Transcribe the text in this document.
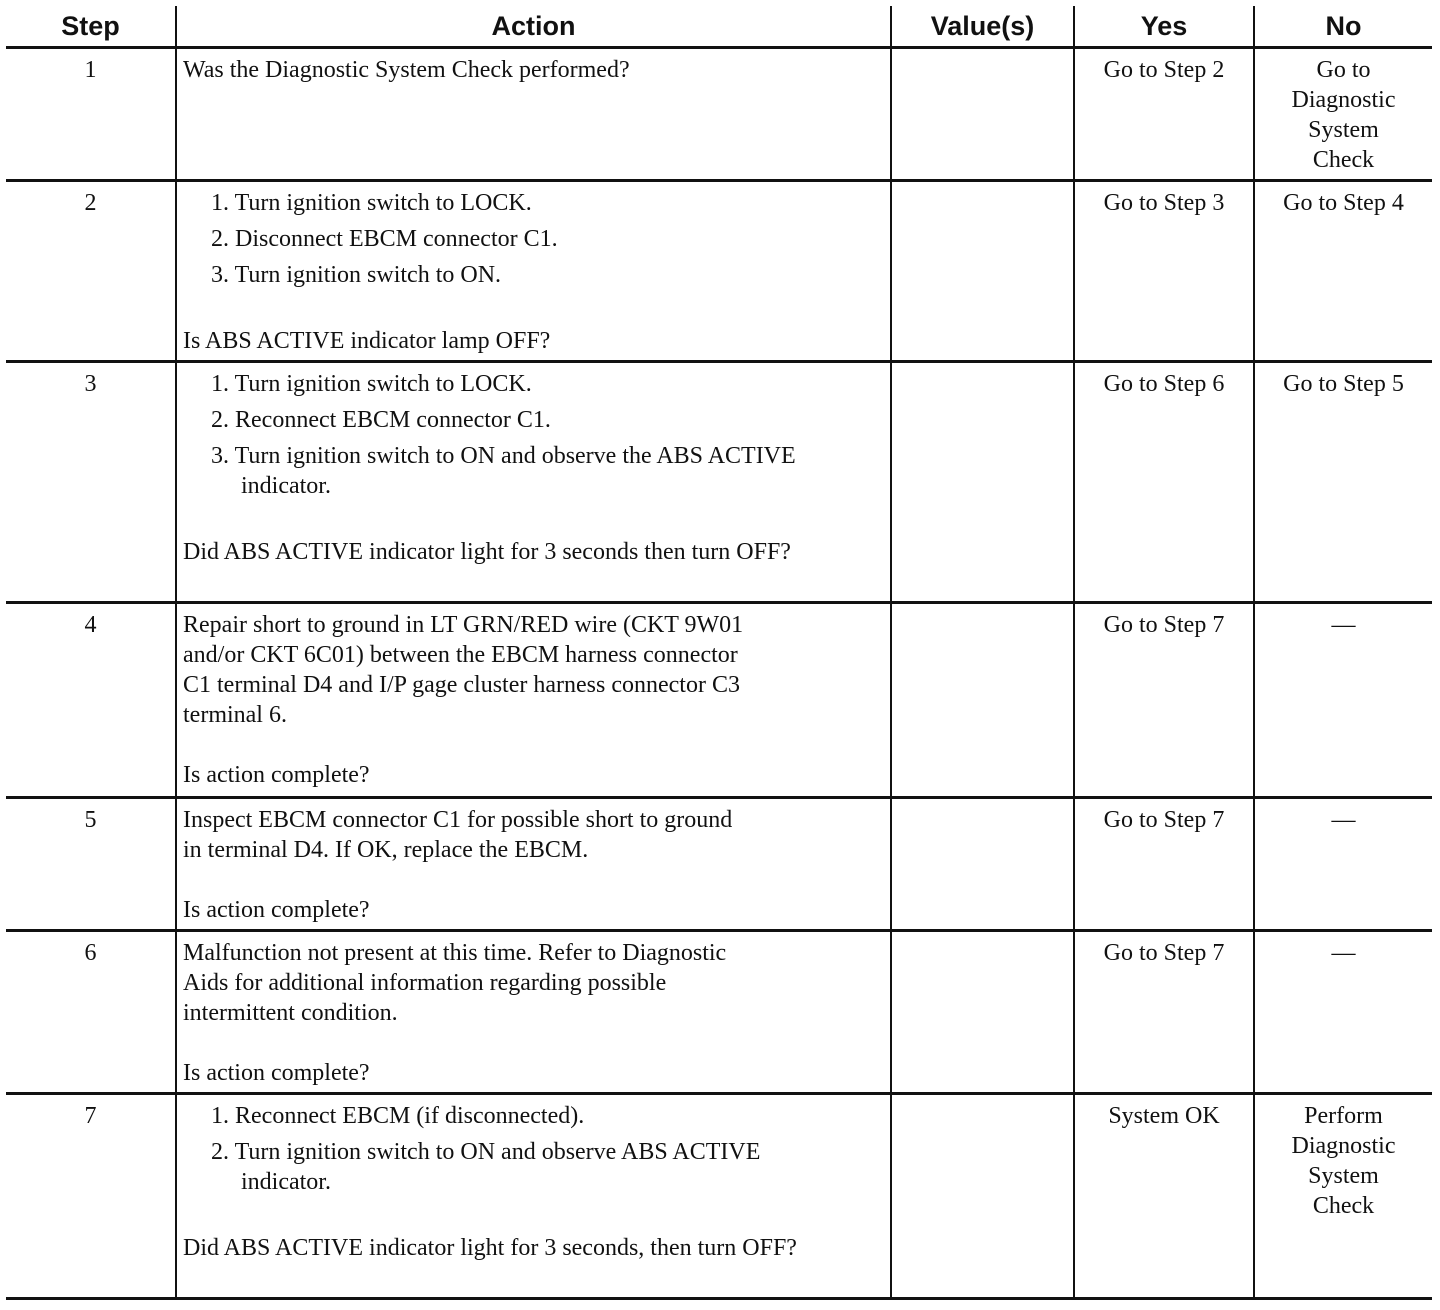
Step	Action	Value(s)	Yes	No
1	Was the Diagnostic System Check performed?		Go to Step 2	Go to
Diagnostic
System
Check

2	1. Turn ignition switch to LOCK.
2. Disconnect EBCM connector C1.
3. Turn ignition switch to ON.
Is ABS ACTIVE indicator lamp OFF?		Go to Step 3	Go to Step 4
3	1. Turn ignition switch to LOCK.
2. Reconnect EBCM connector C1.
3. Turn ignition switch to ON and observe the ABS ACTIVE indicator.
Did ABS ACTIVE indicator light for 3 seconds then turn OFF?		Go to Step 6	Go to Step 5
4	Repair short to ground in LT GRN/RED wire (CKT 9W01
and/or CKT 6C01) between the EBCM harness connector
C1 terminal D4 and I/P gage cluster harness connector C3
terminal 6.
Is action complete?		Go to Step 7	—
5	Inspect EBCM connector C1 for possible short to ground
in terminal D4. If OK, replace the EBCM.
Is action complete?		Go to Step 7	—
6	Malfunction not present at this time. Refer to Diagnostic
Aids for additional information regarding possible
intermittent condition.
Is action complete?		Go to Step 7	—
7	1. Reconnect EBCM (if disconnected).
2. Turn ignition switch to ON and observe ABS ACTIVE indicator.
Did ABS ACTIVE indicator light for 3 seconds, then turn OFF?		System OK	Perform
Diagnostic
System
Check
